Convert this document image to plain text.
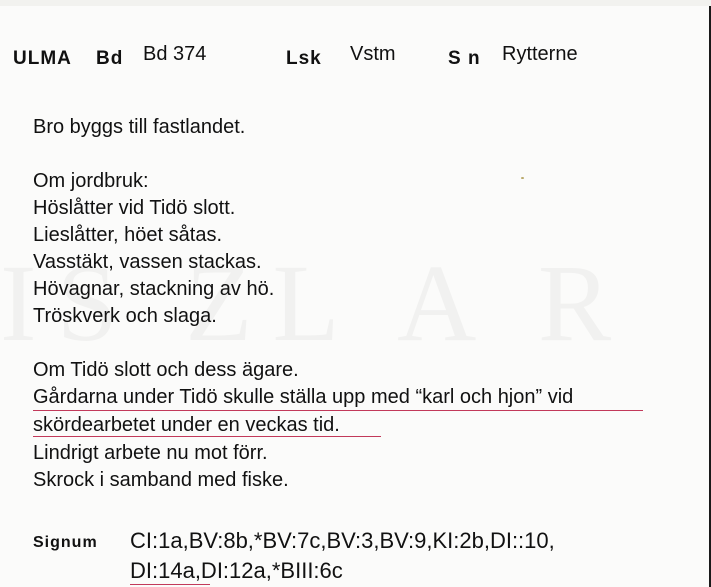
ULMA Bd Bd 374	Lsk Vstm	S n Rytterne
Bro byggs till fastlandet.
Om jordbruk:
Höslåtter vid Tidö slott.
Lieslåtter, höet såtas.
Vasstäkt, vassen stackas.
Hövagnar, stackning av hö.
Tröskverk och slaga.
Om Tidö slott och dess ägare.
Gårdarna under Tidö skulle ställa upp med “karl och hjon” vid
skördearbetet under en veckas tid.
Lindrigt arbete nu mot förr.
Skrock i samband med fiske.
Signum CI:1a,BV:8b,*BV:7c,BV:3,BV:9,KI:2b,DI::10,
DI:14a,DI:12a,*BIII:6c
